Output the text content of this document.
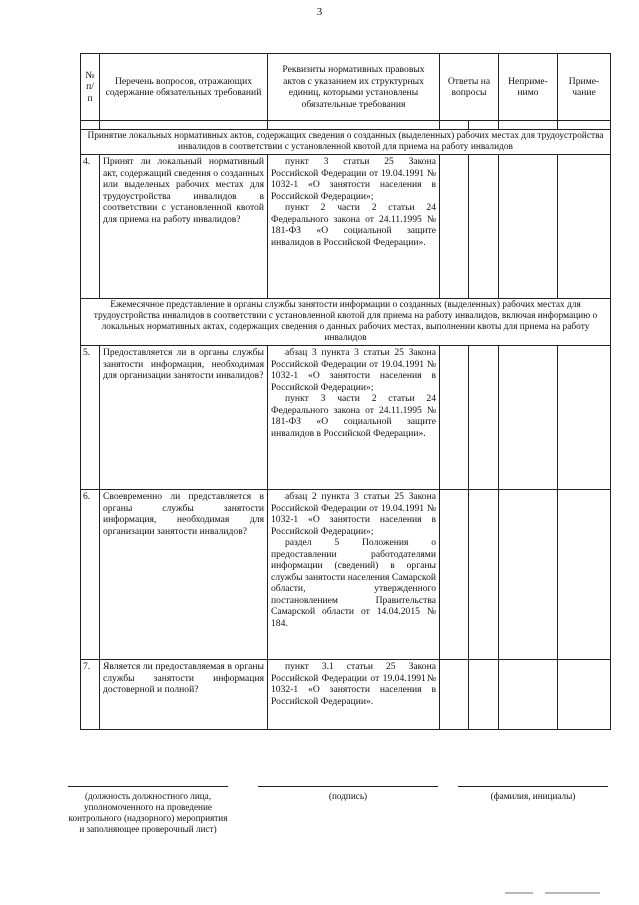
3
№ п/п	Перечень вопросов, отражающих содержание обязательных требований	Реквизиты нормативных правовых актов с указанием их структурных единиц, которыми установлены обязательные требования	Ответы на вопросы		Неприме-нимо	Приме-чание

Принятие локальных нормативных актов, содержащих сведения о созданных (выделенных) рабочих местах для трудоустройства инвалидов в соответствии с установленной квотой для приема на работу инвалидов						
4.	Принят ли локальный нормативный акт, содержащий сведения о созданных или выделеных рабочих местах для трудоустройства инвалидов в соответствии с установленной квотой для приема на работу инвалидов?	пункт 3 статьи 25 Закона Российской Федерации от 19.04.1991 № 1032-1 «О занятости населения в Российской Федерации»;
пункт 2 части 2 статьи 24 Федерального закона от 24.11.1995 № 181-ФЗ «О социальной защите инвалидов в Российской Федерации».				

Ежемесячное представление в органы службы занятости информации о созданных (выделенных) рабочих местах для трудоустройства инвалидов в соответствии с установленной квотой для приема на работу инвалидов, включая информацию о локальных нормативных актах, содержащих сведения о данных рабочих местах, выполнении квоты для приема на работу инвалидов						
5.	Предоставляется ли в органы службы занятости информация, необходимая для организации занятости инвалидов?	абзац 3 пункта 3 статьи 25 Закона Российской Федерации от 19.04.1991 № 1032-1 «О занятости населения в Российской Федерации»;
пункт 3 части 2 статьи 24 Федерального закона от 24.11.1995 № 181-ФЗ «О социальной защите инвалидов в Российской Федерации».				

6.	Своевременно ли представляется в органы службы занятости информация, необходимая для организации занятости инвалидов?	абзац 2 пункта 3 статьи 25 Закона Российской Федерации от 19.04.1991 № 1032-1 «О занятости населения в Российской Федерации»;
раздел 5 Положения о предоставлении работодателями информации (сведений) в органы службы занятости населения Самарской области, утвержденного постановлением Правительства Самарской области от 14.04.2015 № 184.				

7.	Является ли предоставляемая в органы службы занятости информация достоверной и полной?	пункт 3.1 статьи 25 Закона Российской Федерации от 19.04.1991№ 1032-1 «О занятости населения в Российской Федерации».				

(должность должностного лица, уполномоченного на проведение контрольного (надзорного) мероприятия и заполняющее проверочный лист)
(подпись)	(фамилия, инициалы)
